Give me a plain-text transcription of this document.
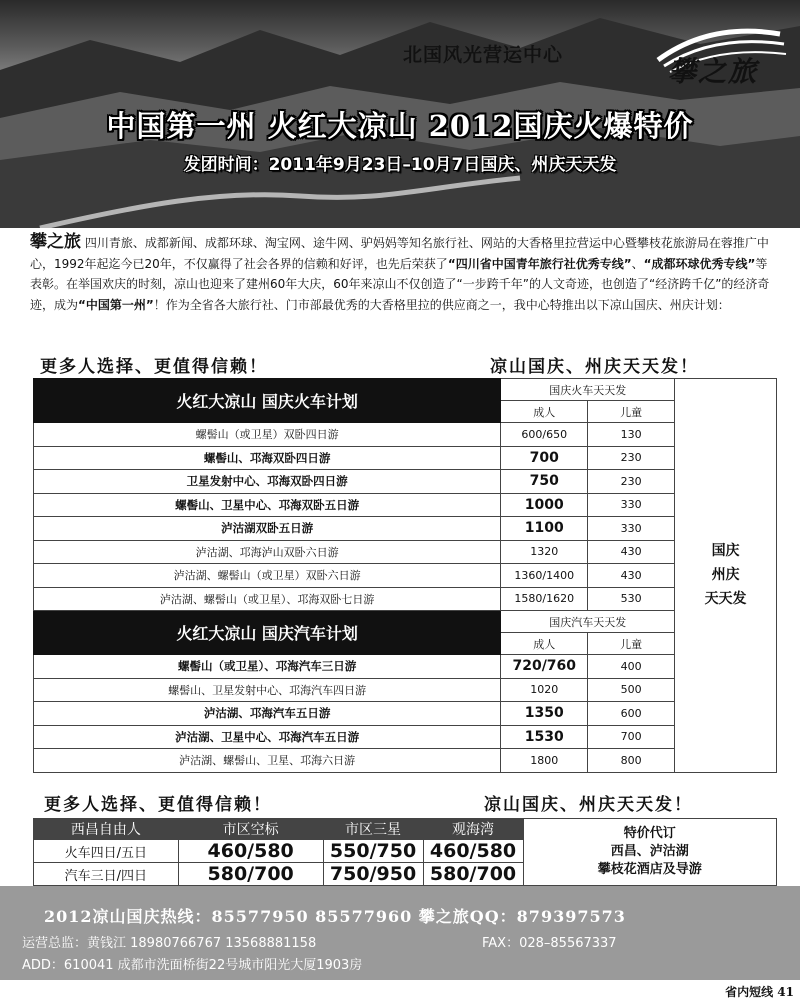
北国风光营运中心	攀之旅
中国第一州 火红大凉山 2012国庆火爆特价
发团时间：2011年9月23日–10月7日国庆、州庆天天发
攀之旅 四川青旅、成都新闻、成都环球、淘宝网、途牛网、驴妈妈等知名旅行社、网站的大香格里拉营运中心暨攀枝花旅游局在蓉推广中心，1992年起迄今已20年，不仅赢得了社会各界的信赖和好评，也先后荣获了“四川省中国青年旅行社优秀专线”、“成都环球优秀专线”等表彰。在举国欢庆的时刻，凉山也迎来了建州60年大庆，60年来凉山不仅创造了“一步跨千年”的人文奇迹，也创造了“经济跨千亿”的经济奇迹，成为“中国第一州”！作为全省各大旅行社、门市部最优秀的大香格里拉的供应商之一，我中心特推出以下凉山国庆、州庆计划：
更多人选择、更值得信赖！	凉山国庆、州庆天天发！
火红大凉山 国庆火车计划	国庆火车天天发		国庆
州庆
天天发

	成人	儿童	
螺髻山（或卫星）双卧四日游	600/650	130	
螺髻山、邛海双卧四日游	700	230	
卫星发射中心、邛海双卧四日游	750	230	
螺髻山、卫星中心、邛海双卧五日游	1000	330	
泸沽湖双卧五日游	1100	330	
泸沽湖、邛海泸山双卧六日游	1320	430	
泸沽湖、螺髻山（或卫星）双卧六日游	1360/1400	430	
泸沽湖、螺髻山（或卫星）、邛海双卧七日游	1580/1620	530	
火红大凉山 国庆汽车计划	国庆汽车天天发		
	成人	儿童	
螺髻山（或卫星）、邛海汽车三日游	720/760	400	
螺髻山、卫星发射中心、邛海汽车四日游	1020	500	
泸沽湖、邛海汽车五日游	1350	600	
泸沽湖、卫星中心、邛海汽车五日游	1530	700	
泸沽湖、螺髻山、卫星、邛海六日游	1800	800	
更多人选择、更值得信赖！	凉山国庆、州庆天天发！
西昌自由人	市区空标	市区三星	观海湾	特价代订
西昌、泸沽湖
攀枝花酒店及导游

火车四日/五日	460/580	550/750	460/580	
汽车三日/四日	580/700	750/950	580/700	
2012凉山国庆热线：85577950 85577960 攀之旅QQ：879397573
运营总监：黄钱江 18980766767 13568881158	FAX：028–85567337
ADD：610041 成都市洗面桥街22号城市阳光大厦1903房
省内短线 41
